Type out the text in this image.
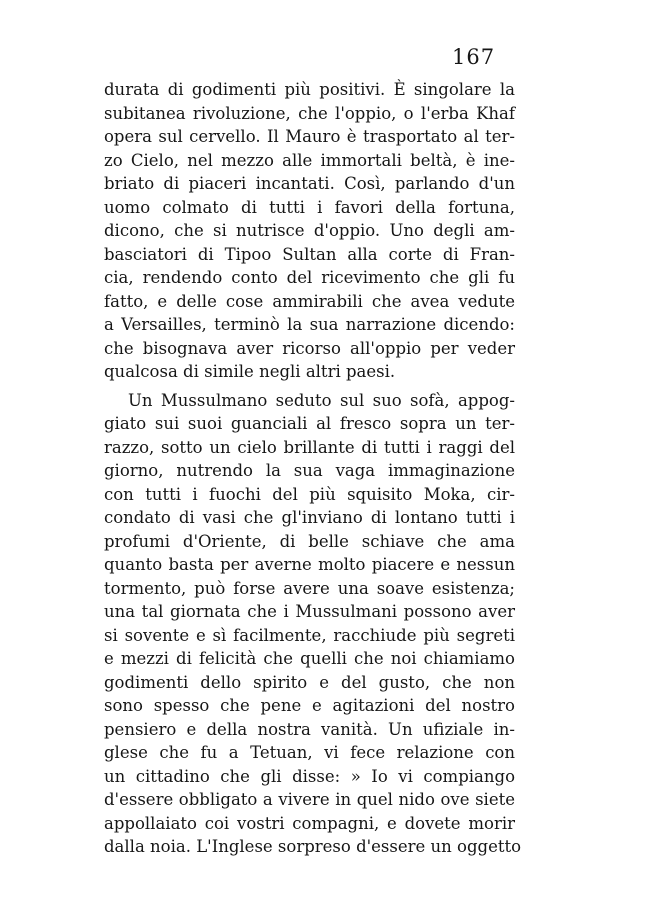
167
durata di godimenti più positivi. È singolare la
subitanea rivoluzione, che l'oppio, o l'erba Khaf
opera sul cervello. Il Mauro è trasportato al ter-
zo Cielo, nel mezzo alle immortali beltà, è ine-
briato di piaceri incantati. Così, parlando d'un
uomo colmato di tutti i favori della fortuna,
dicono, che si nutrisce d'oppio. Uno degli am-
basciatori di Tipoo Sultan alla corte di Fran-
cia, rendendo conto del ricevimento che gli fu
fatto, e delle cose ammirabili che avea vedute
a Versailles, terminò la sua narrazione dicendo:
che bisognava aver ricorso all'oppio per veder
qualcosa di simile negli altri paesi.
Un Mussulmano seduto sul suo sofà, appog-
giato sui suoi guanciali al fresco sopra un ter-
razzo, sotto un cielo brillante di tutti i raggi del
giorno, nutrendo la sua vaga immaginazione
con tutti i fuochi del più squisito Moka, cir-
condato di vasi che gl'inviano di lontano tutti i
profumi d'Oriente, di belle schiave che ama
quanto basta per averne molto piacere e nessun
tormento, può forse avere una soave esistenza;
una tal giornata che i Mussulmani possono aver
si sovente e sì facilmente, racchiude più segreti
e mezzi di felicità che quelli che noi chiamiamo
godimenti dello spirito e del gusto, che non
sono spesso che pene e agitazioni del nostro
pensiero e della nostra vanità. Un ufiziale in-
glese che fu a Tetuan, vi fece relazione con
un cittadino che gli disse: » Io vi compiango
d'essere obbligato a vivere in quel nido ove siete
appollaiato coi vostri compagni, e dovete morir
dalla noia. L'Inglese sorpreso d'essere un oggetto
